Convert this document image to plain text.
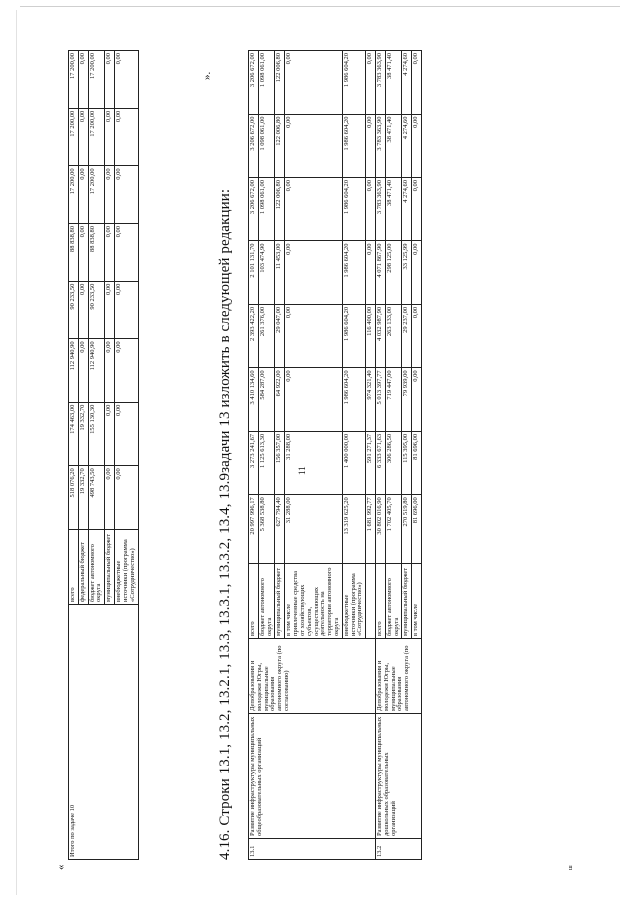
11
«
Итого по задаче 10	всего	518 076,20	174 463,00	112 940,90	90 233,50	88 838,80	17 200,00	17 200,00	17 200,00
	федеральный бюджет	19 332,70	19 332,70	0,00	0,00	0,00	0,00	0,00	0,00
	бюджет автономного округа	498 743,50	155 130,30	112 940,90	90 233,50	88 838,80	17 200,00	17 200,00	17 200,00
	муниципальный бюджет	0,00	0,00	0,00	0,00	0,00	0,00	0,00	0,00
	внебюджетные источники (программа «Сотрудничество»)	0,00	0,00	0,00	0,00	0,00	0,00	0,00	0,00
».
4.16. Строки 13.1, 13.2, 13.2.1, 13.3, 13.3.1, 13.3.2, 13.4, 13.9задачи 13 изложить в следующей редакции: 13.1	Развитие инфраструктуры муниципальных общеобразовательных организаций	Депобразования и молодежи Югры, муниципальные образования автономного округа (по согласованию)	всего	20 997 996,17	3 273 241,67	3 410 134,60	2 393 422,20	2 101 131,70	3 206 672,00	3 206 672,00	3 206 672,00
			бюджет автономного округа	5 368 538,80	1 125 613,30	584 287,00	261 376,00	103 474,90	1 098 061,00	1 098 061,00	1 098 061,00
			муниципальный бюджет	627 794,40	156 357,00	64 922,00	29 047,00	11 453,00	122 006,80	122 006,80	122 006,80
			в том числе привлеченные средства от хозяйствующих субъектов, осуществляющих деятельность на территории автономного округа	31 288,00	31 288,00	0,00	0,00	0,00	0,00	0,00	0,00
			внебюджетные источники (программа «Сотрудничество»)	13 319 625,20	1 400 000,00	1 986 604,20	1 986 604,20	1 986 604,20	1 986 604,20	1 986 604,20	1 986 604,20
				1 681 992,77	591 271,37	974 321,40	116 400,00	0,00	0,00	0,00	0,00
13.2	Развитие инфраструктуры муниципальных дошкольных образовательных организаций	Депобразования и молодежи Югры, муниципальные образования автономного округа (по	всего	30 802 016,90	6 333 671,63	5 013 397,77	4 032 987,90	4 071 867,90	3 783 363,90	3 783 363,90	3 783 363,90
			бюджет автономного округа	1 702 405,70	306 286,50	719 447,00	263 133,00	298 125,00	38 471,40	38 471,40	38 471,40
			муниципальный бюджет	270 519,80	115 395,00	79 939,00	29 237,00	33 125,99	4 274,60	4 274,60	4 274,60
			в том числе	81 696,00	81 696,00	0,00	0,00	0,00	0,00	0,00	0,00
ш
